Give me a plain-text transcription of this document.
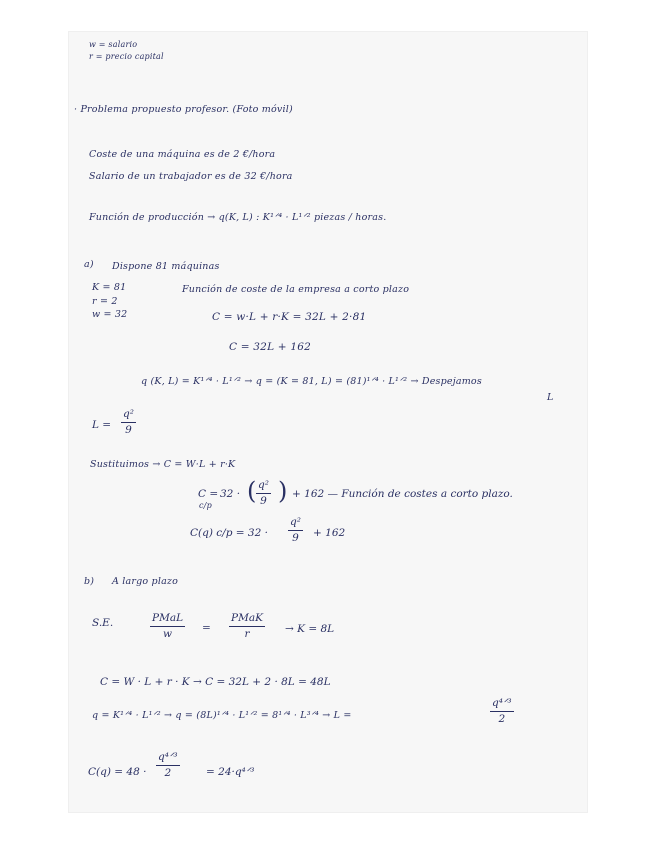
w = salario
r = precio capital
· Problema propuesto profesor. (Foto móvil)
Coste de una máquina es de 2 €/hora
Salario de un trabajador es de 32 €/hora
Función de producción → q(K, L) : K¹ᐟ⁴ · L¹ᐟ² piezas / horas.
a) Dispone 81 máquinas
K = 81
r = 2
w = 32
Función de coste de la empresa a corto plazo
C = w·L + r·K = 32L + 2·81
C = 32L + 162
q (K, L) = K¹ᐟ⁴ · L¹ᐟ² → q = (K = 81, L) = (81)¹ᐟ⁴ · L¹ᐟ² → Despejamos
L
$L = \frac{\text{q²}}{9}$
Sustituimos → C = W·L + r·K
C =
c/p
32 · ( $\frac{\text{q²}}{9}$ ) + 162 — Función de costes a corto plazo.
C(q) $c/p = 32 \cdot \frac{\text{q²}}{9} + 162$
b) A largo plazo
S.E.	PMaL
w
=
PMaK
r	→ K = 8L
C = W · L + r · K → C = 32L + 2 · 8L = 48L
q = K¹ᐟ⁴ · L¹ᐟ² → q = (8L)¹ᐟ⁴ · L¹ᐟ² = 8¹ᐟ⁴ · L³ᐟ⁴ → L =
q⁴ᐟ³
2
C(q) = 48 ·
q⁴ᐟ³
2	= 24·q⁴ᐟ³
